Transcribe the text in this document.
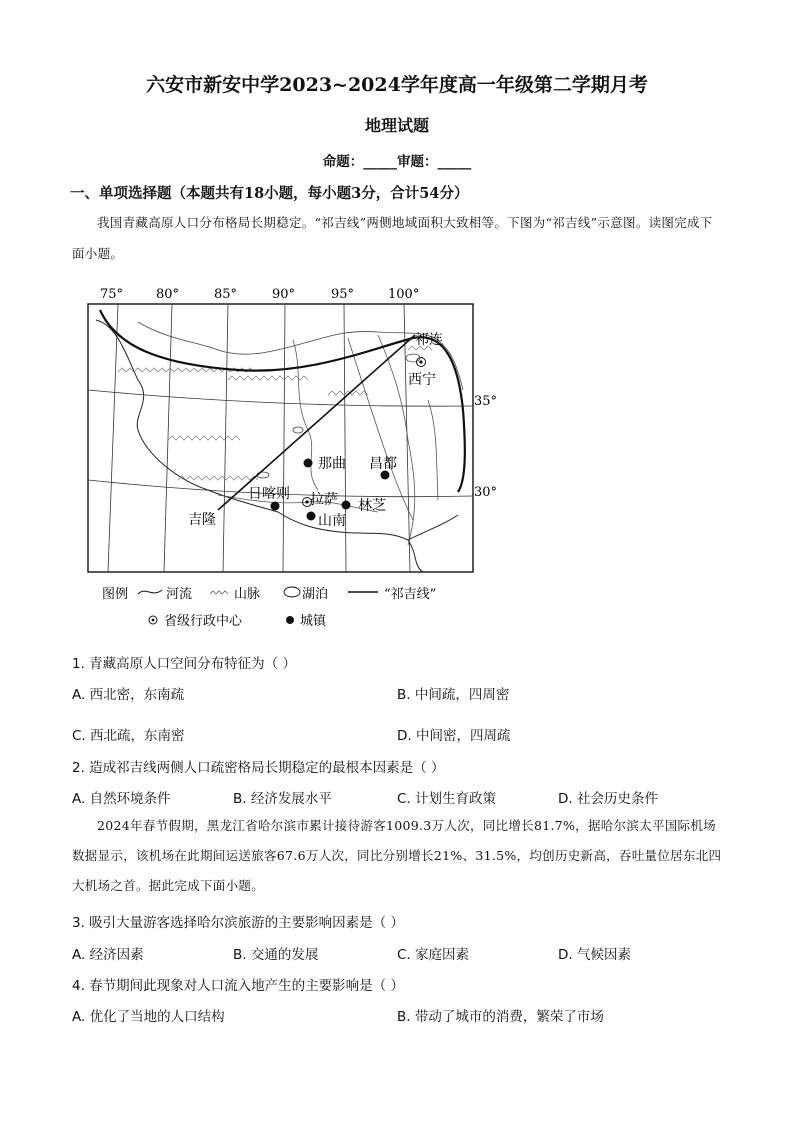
六安市新安中学2023~2024学年度高一年级第二学期月考
地理试题
命题：_____审题：_____
一、单项选择题（本题共有18小题，每小题3分，合计54分）
我国青藏高原人口分布格局长期稳定。“祁吉线”两侧地域面积大致相等。下图为“祁吉线”示意图。读图完成下面小题。
75°	80°	85°	90°	95°	100°
祁连
西宁
那曲 昌都
日喀则 拉萨 林芝
山南
吉隆
35°
30°
图例	河流	山脉	湖泊	“祁吉线”
省级行政中心	城镇
1. 青藏高原人口空间分布特征为（ ）
A. 西北密，东南疏	B. 中间疏，四周密
C. 西北疏，东南密	D. 中间密，四周疏
2. 造成祁吉线两侧人口疏密格局长期稳定的最根本因素是（ ）
A. 自然环境条件	B. 经济发展水平	C. 计划生育政策	D. 社会历史条件
2024年春节假期，黑龙江省哈尔滨市累计接待游客1009.3万人次，同比增长81.7%，据哈尔滨太平国际机场数据显示，该机场在此期间运送旅客67.6万人次，同比分别增长21%、31.5%，均创历史新高，吞吐量位居东北四大机场之首。据此完成下面小题。
3. 吸引大量游客选择哈尔滨旅游的主要影响因素是（ ）
A. 经济因素	B. 交通的发展	C. 家庭因素	D. 气候因素
4. 春节期间此现象对人口流入地产生的主要影响是（ ）
A. 优化了当地的人口结构	B. 带动了城市的消费，繁荣了市场
